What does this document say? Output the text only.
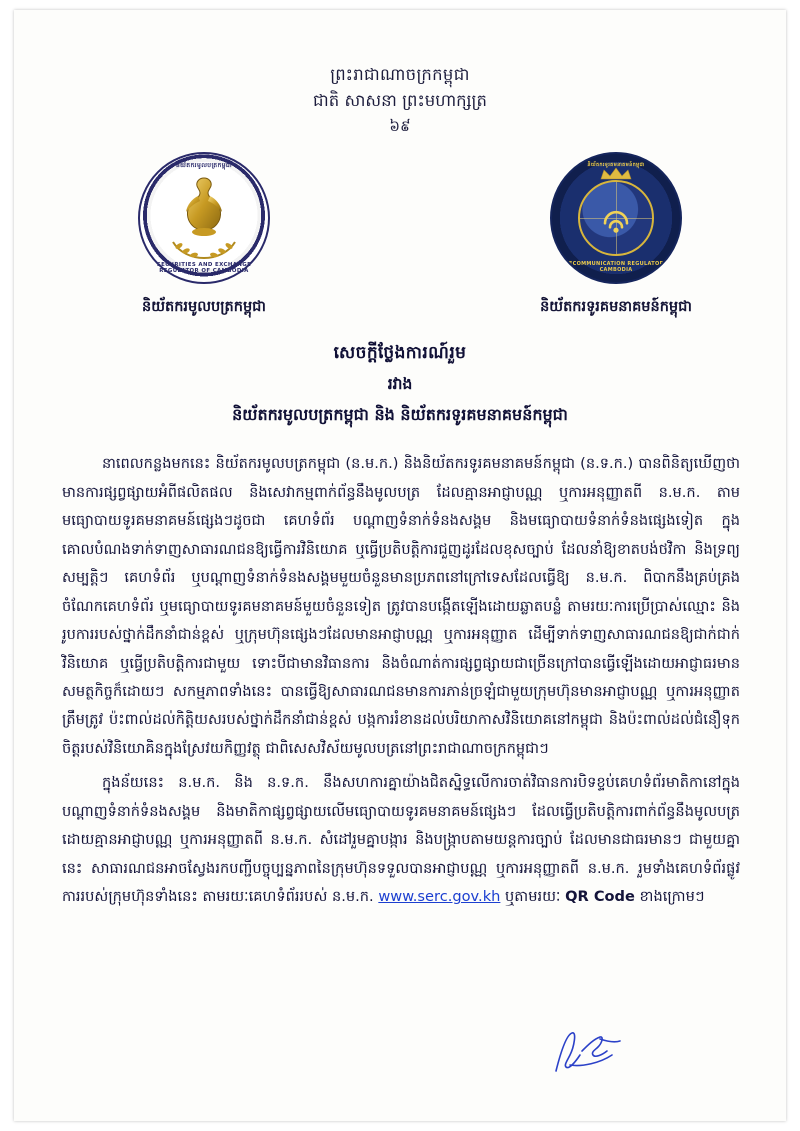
ព្រះរាជាណាចក្រកម្ពុជា
ជាតិ សាសនា ព្រះមហាក្សត្រ
៦៩
និយ័តករមូលបត្រកម្ពុជា
SECURITIES AND EXCHANGE REGULATOR OF CAMBODIA
និយ័តករមូលបត្រកម្ពុជា
និយ័តករទូរគមនាគមន៍កម្ពុជា
TELECOMMUNICATION REGULATOR OF CAMBODIA
និយ័តករទូរគមនាគមន៍កម្ពុជា
សេចក្តីថ្លែងការណ៍រួម
រវាង
និយ័តករមូលបត្រកម្ពុជា និង និយ័តករទូរគមនាគមន៍កម្ពុជា

នាពេលកន្លងមកនេះ និយ័តករមូលបត្រកម្ពុជា (ន.ម.ក.) និងនិយ័តករទូរគមនាគមន៍កម្ពុជា (ន.ទ.ក.) បានពិនិត្យឃើញថាមានការផ្សព្វផ្សាយអំពីផលិតផល និងសេវាកម្មពាក់ព័ន្ធនឹងមូលបត្រ ដែលគ្មានអាជ្ញាបណ្ណ ឬការអនុញ្ញាតពី ន.ម.ក. តាមមធ្យោបាយទូរគមនាគមន៍ផ្សេងៗដូចជា គេហទំព័រ បណ្តាញទំនាក់ទំនងសង្គម និងមធ្យោបាយទំនាក់ទំនងផ្សេងទៀត ក្នុងគោលបំណងទាក់ទាញសាធារណជនឱ្យធ្វើការវិនិយោគ ឬធ្វើប្រតិបត្តិការជួញដូរដែលខុសច្បាប់ ដែលនាំឱ្យខាតបង់ថវិកា និងទ្រព្យសម្បត្តិៗ គេហទំព័រ ឬបណ្តាញទំនាក់ទំនងសង្គមមួយចំនួនមានប្រភពនៅក្រៅទេសដែលធ្វើឱ្យ ន.ម.ក. ពិបាកនឹងគ្រប់គ្រង ចំណែកគេហទំព័រ ឬមធ្យោបាយទូរគមនាគមន៍មួយចំនួនទៀត ត្រូវបានបង្កើតឡើងដោយឆ្លាតបន្លំ តាមរយៈការប្រើប្រាស់ឈ្មោះ និងរូបការរបស់ថ្នាក់ដឹកនាំជាន់ខ្ពស់ ឬក្រុមហ៊ុនផ្សេងៗដែលមានអាជ្ញាបណ្ណ ឬការអនុញ្ញាត ដើម្បីទាក់ទាញសាធារណជនឱ្យជាក់ជាក់វិនិយោគ ឬធ្វើប្រតិបត្តិការជាមួយ ទោះបីជាមានវិធានការ និងចំណាត់ការផ្សព្វផ្សាយជាច្រើនក្រៅបានធ្វើឡើងដោយអាជ្ញាធរមានសមត្ថកិច្ចក៏ដោយៗ សកម្មភាពទាំងនេះ បានធ្វើឱ្យសាធារណជនមានការភាន់ច្រឡំជាមួយក្រុមហ៊ុនមានអាជ្ញាបណ្ណ ឬការអនុញ្ញាតត្រឹមត្រូវ ប៉ះពាល់ដល់កិត្តិយសរបស់ថ្នាក់ដឹកនាំជាន់ខ្ពស់ បង្កការរំខានដល់បរិយាកាសវិនិយោគនៅកម្ពុជា និងប៉ះពាល់ដល់ជំនឿទុកចិត្តរបស់វិនិយោគិនក្នុងស្រែវយកិញ្ញវត្ថុ ជាពិសេសវិស័យមូលបត្រនៅព្រះរាជាណាចក្រកម្ពុជាៗ

ក្នុងន័យនេះ ន.ម.ក. និង ន.ទ.ក. នឹងសហការគ្នាយ៉ាងជិតស្និទ្ធលើការចាត់វិធានការបិទខ្ទប់គេហទំព័រមាតិកានៅក្នុងបណ្តាញទំនាក់ទំនងសង្គម និងមាតិកាផ្សព្វផ្សាយលើមធ្យោបាយទូរគមនាគមន៍ផ្សេងៗ ដែលធ្វើប្រតិបត្តិការពាក់ព័ន្ធនឹងមូលបត្រដោយគ្មានអាជ្ញាបណ្ណ ឬការអនុញ្ញាតពី ន.ម.ក. សំដៅរួមគ្នាបង្ការ និងបង្ក្រាបតាមយន្តការច្បាប់ ដែលមានជាធរមានៗ ជាមួយគ្នានេះ សាធារណជនអាចស្វែងរកបញ្ជីបច្ចុប្បន្នភាពនៃក្រុមហ៊ុនទទួលបានអាជ្ញាបណ្ណ ឬការអនុញ្ញាតពី ន.ម.ក. រួមទាំងគេហទំព័រផ្លូវការរបស់ក្រុមហ៊ុនទាំងនេះ តាមរយៈគេហទំព័ររបស់ ន.ម.ក. www.serc.gov.kh ឬតាមរយៈ QR Code ខាងក្រោមៗ
